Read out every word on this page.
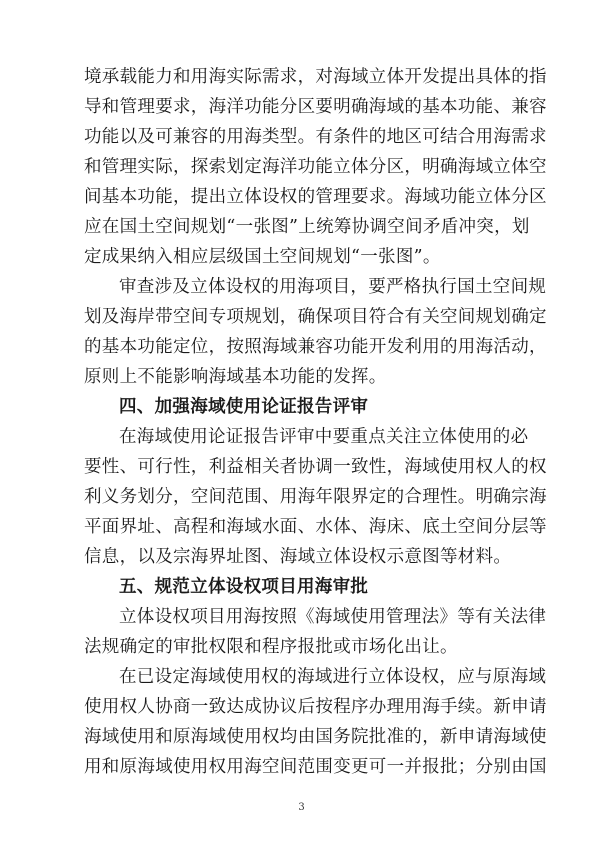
境承载能力和用海实际需求，对海域立体开发提出具体的指
导和管理要求，海洋功能分区要明确海域的基本功能、兼容
功能以及可兼容的用海类型。有条件的地区可结合用海需求
和管理实际，探索划定海洋功能立体分区，明确海域立体空
间基本功能，提出立体设权的管理要求。海域功能立体分区
应在国土空间规划“一张图”上统筹协调空间矛盾冲突，划
定成果纳入相应层级国土空间规划“一张图”。
审查涉及立体设权的用海项目，要严格执行国土空间规
划及海岸带空间专项规划，确保项目符合有关空间规划确定
的基本功能定位，按照海域兼容功能开发利用的用海活动，
原则上不能影响海域基本功能的发挥。
四、加强海域使用论证报告评审
在海域使用论证报告评审中要重点关注立体使用的必
要性、可行性，利益相关者协调一致性，海域使用权人的权
利义务划分，空间范围、用海年限界定的合理性。明确宗海
平面界址、高程和海域水面、水体、海床、底土空间分层等
信息，以及宗海界址图、海域立体设权示意图等材料。
五、规范立体设权项目用海审批
立体设权项目用海按照《海域使用管理法》等有关法律
法规确定的审批权限和程序报批或市场化出让。
在已设定海域使用权的海域进行立体设权，应与原海域
使用权人协商一致达成协议后按程序办理用海手续。新申请
海域使用和原海域使用权均由国务院批准的，新申请海域使
用和原海域使用权用海空间范围变更可一并报批；分别由国
3
